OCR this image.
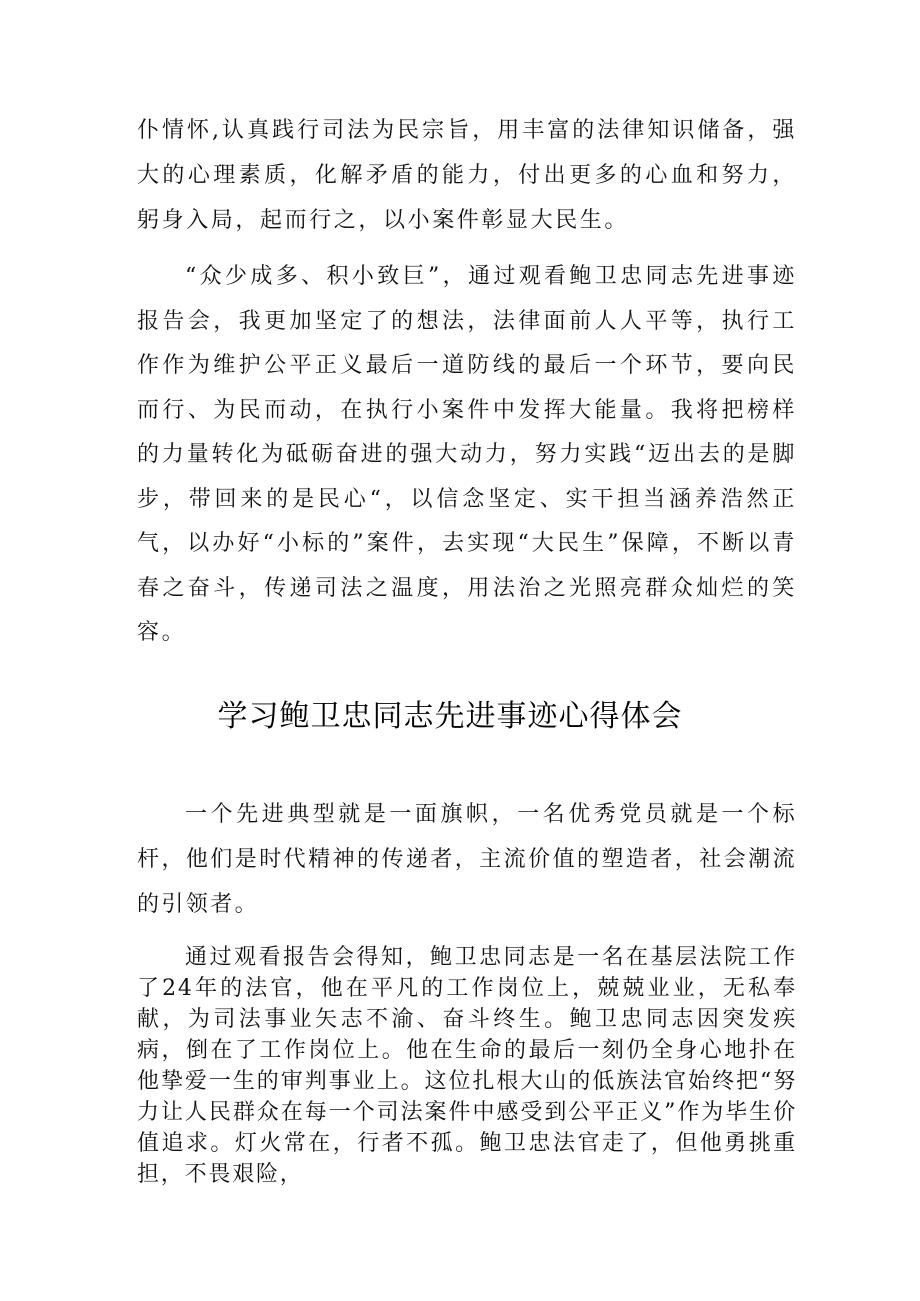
仆情怀,认真践行司法为民宗旨，用丰富的法律知识储备，强大的心理素质，化解矛盾的能力，付出更多的心血和努力，躬身入局，起而行之，以小案件彰显大民生。
“众少成多、积小致巨”，通过观看鲍卫忠同志先进事迹报告会，我更加坚定了的想法，法律面前人人平等，执行工作作为维护公平正义最后一道防线的最后一个环节，要向民而行、为民而动，在执行小案件中发挥大能量。我将把榜样的力量转化为砥砺奋进的强大动力，努力实践“迈出去的是脚步，带回来的是民心“，以信念坚定、实干担当涵养浩然正气，以办好“小标的”案件，去实现“大民生”保障，不断以青春之奋斗，传递司法之温度，用法治之光照亮群众灿烂的笑容。
学习鲍卫忠同志先进事迹心得体会
一个先进典型就是一面旗帜，一名优秀党员就是一个标杆，他们是时代精神的传递者，主流价值的塑造者，社会潮流的引领者。
通过观看报告会得知，鲍卫忠同志是一名在基层法院工作了24年的法官，他在平凡的工作岗位上，兢兢业业，无私奉献，为司法事业矢志不渝、奋斗终生。鲍卫忠同志因突发疾病，倒在了工作岗位上。他在生命的最后一刻仍全身心地扑在他挚爱一生的审判事业上。这位扎根大山的低族法官始终把“努力让人民群众在每一个司法案件中感受到公平正义”作为毕生价值追求。灯火常在，行者不孤。鲍卫忠法官走了，但他勇挑重担，不畏艰险，
